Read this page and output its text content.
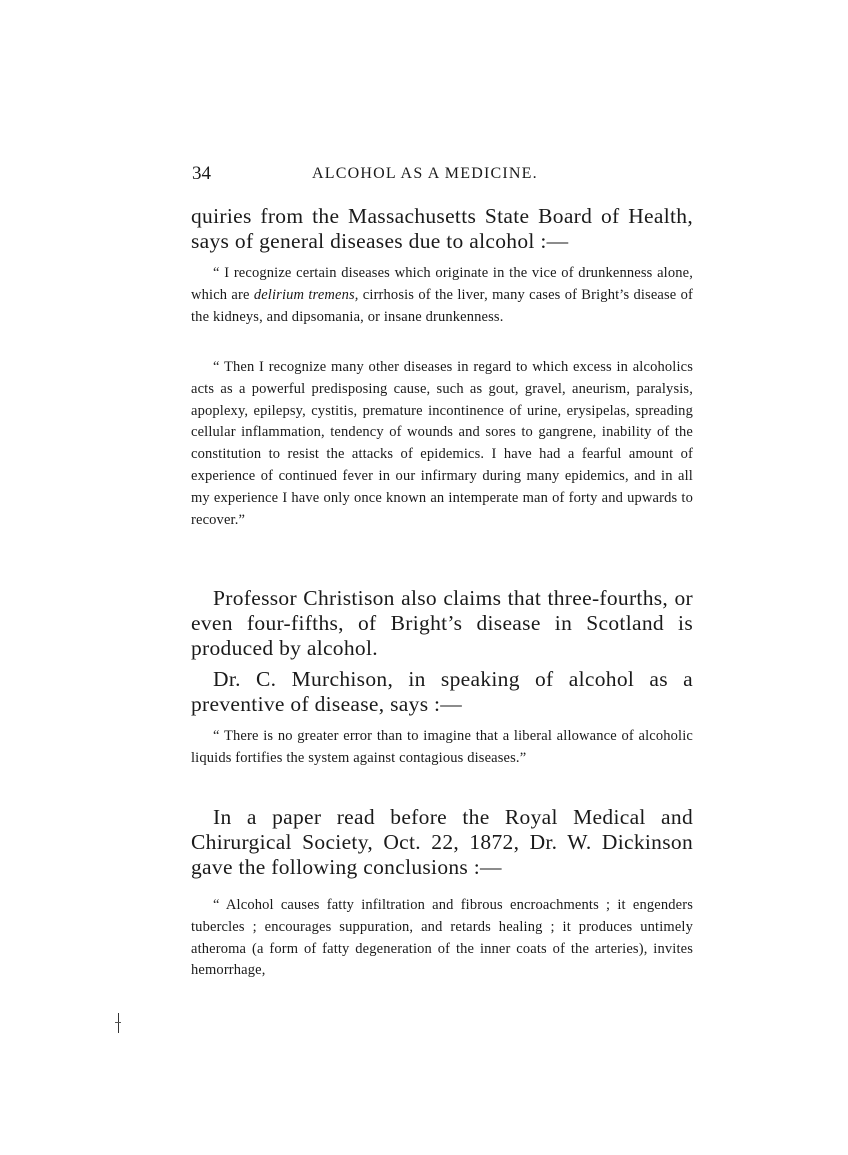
34	ALCOHOL AS A MEDICINE.

quiries from the Massachusetts State Board of Health, says of general diseases due to alcohol :—

“ I recognize certain diseases which originate in the vice of drunkenness alone, which are delirium tremens, cirrhosis of the liver, many cases of Bright’s disease of the kidneys, and dipsomania, or insane drunkenness.

“ Then I recognize many other diseases in regard to which excess in alcoholics acts as a powerful predisposing cause, such as gout, gravel, aneurism, paralysis, apoplexy, epilepsy, cystitis, premature incontinence of urine, erysipelas, spreading cellular inflammation, tendency of wounds and sores to gangrene, inability of the constitution to resist the attacks of epidemics. I have had a fearful amount of experience of continued fever in our infirmary during many epidemics, and in all my experience I have only once known an intemperate man of forty and upwards to recover.”

Professor Christison also claims that three-fourths, or even four-fifths, of Bright’s disease in Scotland is produced by alcohol.

Dr. C. Murchison, in speaking of alcohol as a preventive of disease, says :—

“ There is no greater error than to imagine that a liberal allowance of alcoholic liquids fortifies the system against contagious diseases.”

In a paper read before the Royal Medical and Chirurgical Society, Oct. 22, 1872, Dr. W. Dickinson gave the following conclusions :—

“ Alcohol causes fatty infiltration and fibrous encroachments ; it engenders tubercles ; encourages suppuration, and retards healing ; it produces untimely atheroma (a form of fatty degeneration of the inner coats of the arteries), invites hemorrhage,
